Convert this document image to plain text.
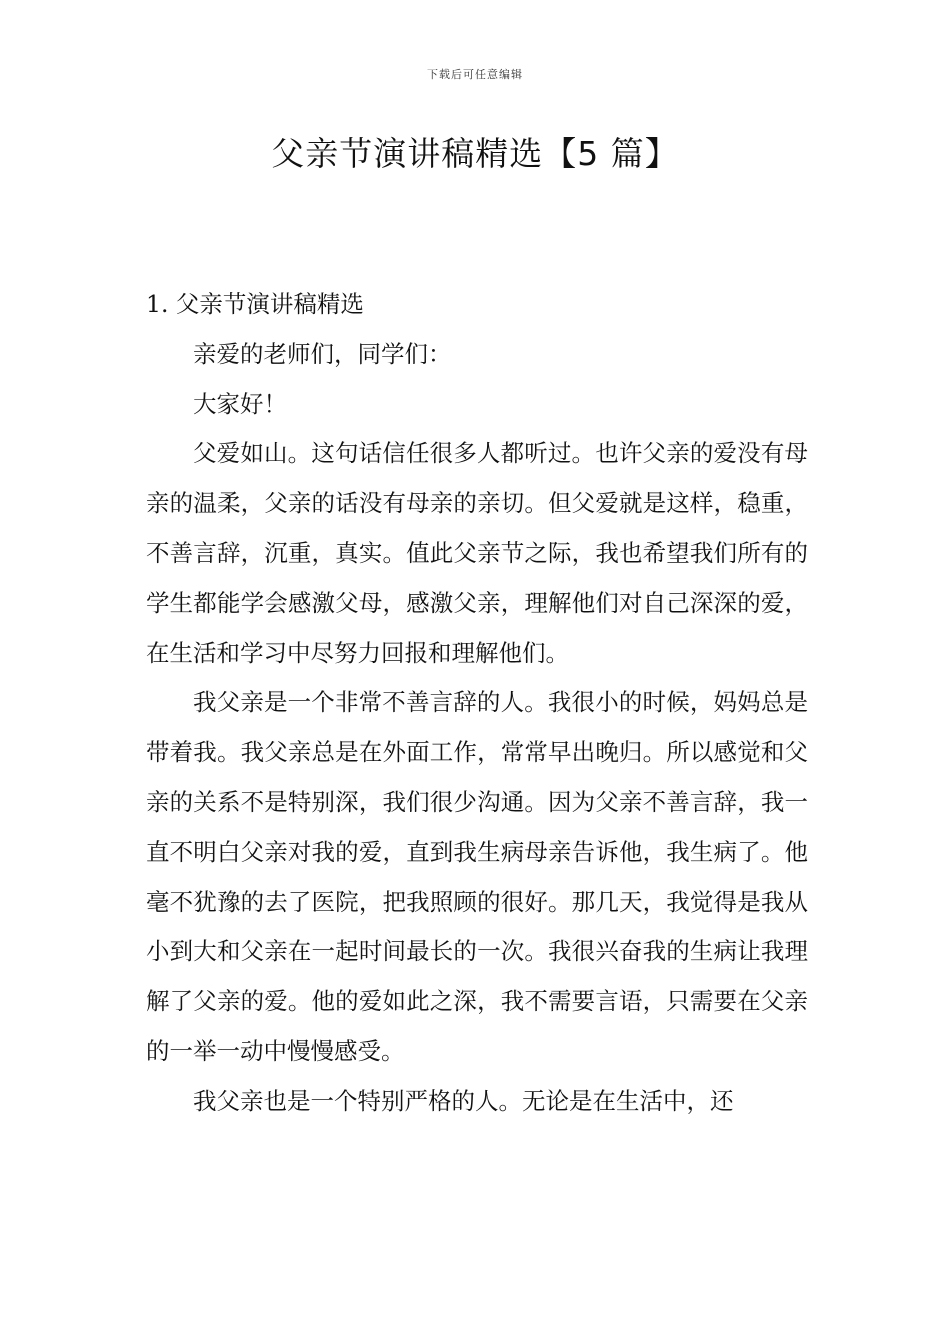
下载后可任意编辑
父亲节演讲稿精选【5 篇】

1. 父亲节演讲稿精选

亲爱的老师们，同学们：

大家好！

父爱如山。这句话信任很多人都听过。也许父亲的爱没有母亲的温柔，父亲的话没有母亲的亲切。但父爱就是这样，稳重，不善言辞，沉重，真实。值此父亲节之际，我也希望我们所有的学生都能学会感激父母，感激父亲，理解他们对自己深深的爱，在生活和学习中尽努力回报和理解他们。

我父亲是一个非常不善言辞的人。我很小的时候，妈妈总是带着我。我父亲总是在外面工作，常常早出晚归。所以感觉和父亲的关系不是特别深，我们很少沟通。因为父亲不善言辞，我一直不明白父亲对我的爱，直到我生病母亲告诉他，我生病了。他毫不犹豫的去了医院，把我照顾的很好。那几天，我觉得是我从小到大和父亲在一起时间最长的一次。我很兴奋我的生病让我理解了父亲的爱。他的爱如此之深，我不需要言语，只需要在父亲的一举一动中慢慢感受。

我父亲也是一个特别严格的人。无论是在生活中，还
